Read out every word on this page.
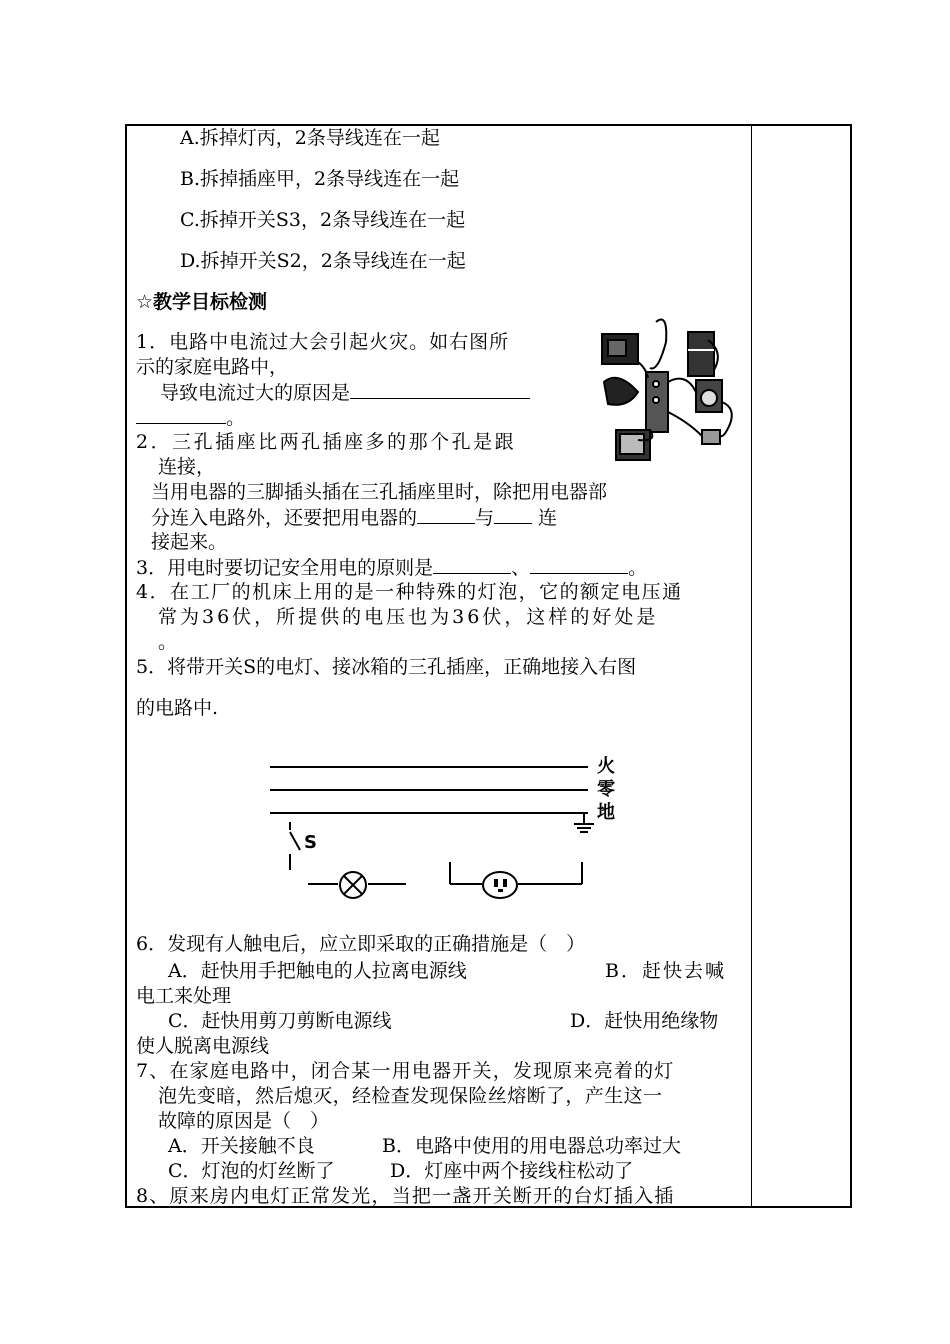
A.拆掉灯丙，2条导线连在一起
B.拆掉插座甲，2条导线连在一起
C.拆掉开关S3，2条导线连在一起
D.拆掉开关S2，2条导线连在一起
☆教学目标检测
1．电路中电流过大会引起火灾。如右图所
示的家庭电路中，
导致电流过大的原因是
。
2．三孔插座比两孔插座多的那个孔是跟
连接，
当用电器的三脚插头插在三孔插座里时，除把用电器部
分连入电路外，还要把用电器的	与 连
接起来。
3．用电时要切记安全用电的原则是	、	。
4．在工厂的机床上用的是一种特殊的灯泡，它的额定电压通
常为36伏，所提供的电压也为36伏，这样的好处是
。
5．将带开关S的电灯、接冰箱的三孔插座，正确地接入右图
的电路中.
火
零
地
S
6．发现有人触电后，应立即采取的正确措施是（　）
A．赶快用手把触电的人拉离电源线	B．赶快去喊
电工来处理
C．赶快用剪刀剪断电源线	D．赶快用绝缘物
使人脱离电源线
7、在家庭电路中，闭合某一用电器开关，发现原来亮着的灯
泡先变暗，然后熄灭，经检查发现保险丝熔断了，产生这一
故障的原因是（　）
A．开关接触不良	B．电路中使用的用电器总功率过大
C．灯泡的灯丝断了	D．灯座中两个接线柱松动了
8、原来房内电灯正常发光，当把一盏开关断开的台灯插入插
